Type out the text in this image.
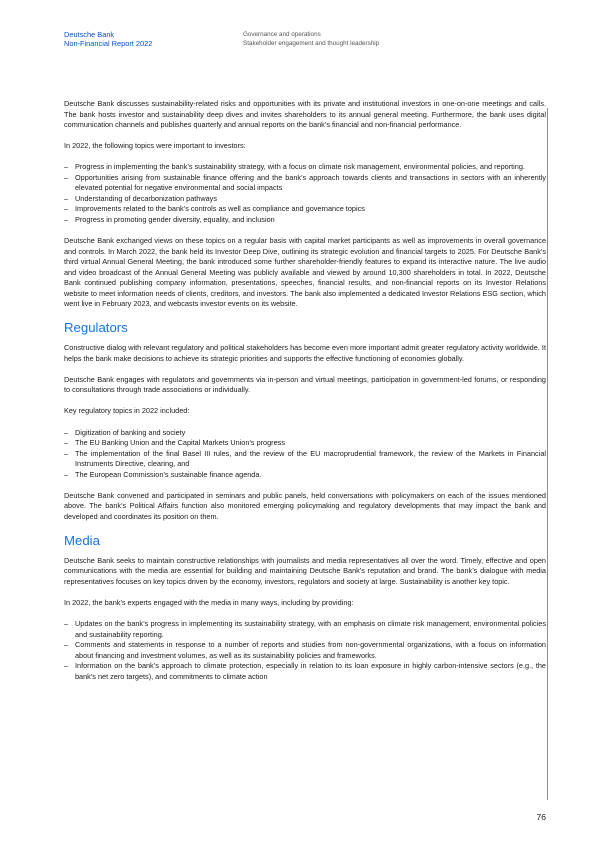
Deutsche Bank
Non-Financial Report 2022
Governance and operations
Stakeholder engagement and thought leadership

Deutsche Bank discusses sustainability-related risks and opportunities with its private and institutional investors in one-on-one meetings and calls. The bank hosts investor and sustainability deep dives and invites shareholders to its annual general meeting. Furthermore, the bank uses digital communication channels and publishes quarterly and annual reports on the bank’s financial and non-financial performance.

In 2022, the following topics were important to investors:

– Progress in implementing the bank’s sustainability strategy, with a focus on climate risk management, environmental policies, and reporting.
– Opportunities arising from sustainable finance offering and the bank’s approach towards clients and transactions in sectors with an inherently elevated potential for negative environmental and social impacts
– Understanding of decarbonization pathways
– Improvements related to the bank’s controls as well as compliance and governance topics
– Progress in promoting gender diversity, equality, and inclusion

Deutsche Bank exchanged views on these topics on a regular basis with capital market participants as well as improvements in overall governance and controls. In March 2022, the bank held its Investor Deep Dive, outlining its strategic evolution and financial targets to 2025. For Deutsche Bank’s third virtual Annual General Meeting, the bank introduced some further shareholder-friendly features to expand its interactive nature. The live audio and video broadcast of the Annual General Meeting was publicly available and viewed by around 10,300 shareholders in total. In 2022, Deutsche Bank continued publishing company information, presentations, speeches, financial results, and non-financial reports on its Investor Relations website to meet information needs of clients, creditors, and investors. The bank also implemented a dedicated Investor Relations ESG section, which went live in February 2023, and webcasts investor events on its website.

Regulators

Constructive dialog with relevant regulatory and political stakeholders has become even more important admit greater regulatory activity worldwide. It helps the bank make decisions to achieve its strategic priorities and supports the effective functioning of economies globally.

Deutsche Bank engages with regulators and governments via in-person and virtual meetings, participation in government-led forums, or responding to consultations through trade associations or individually.

Key regulatory topics in 2022 included:

– Digitization of banking and society
– The EU Banking Union and the Capital Markets Union’s progress
– The implementation of the final Basel III rules, and the review of the EU macroprudential framework, the review of the Markets in Financial Instruments Directive, clearing, and
– The European Commission’s sustainable finance agenda.

Deutsche Bank convened and participated in seminars and public panels, held conversations with policymakers on each of the issues mentioned above. The bank’s Political Affairs function also monitored emerging policymaking and regulatory developments that may impact the bank and developed and coordinates its position on them.

Media

Deutsche Bank seeks to maintain constructive relationships with journalists and media representatives all over the word. Timely, effective and open communications with the media are essential for building and maintaining Deutsche Bank’s reputation and brand. The bank’s dialogue with media representatives focuses on key topics driven by the economy, investors, regulators and society at large. Sustainability is another key topic.

In 2022, the bank’s experts engaged with the media in many ways, including by providing:

– Updates on the bank’s progress in implementing its sustainability strategy, with an emphasis on climate risk management, environmental policies and sustainability reporting.
– Comments and statements in response to a number of reports and studies from non-governmental organizations, with a focus on information about financing and investment volumes, as well as its sustainability policies and frameworks.
– Information on the bank’s approach to climate protection, especially in relation to its loan exposure in highly carbon-intensive sectors (e.g., the bank’s net zero targets), and commitments to climate action
76
